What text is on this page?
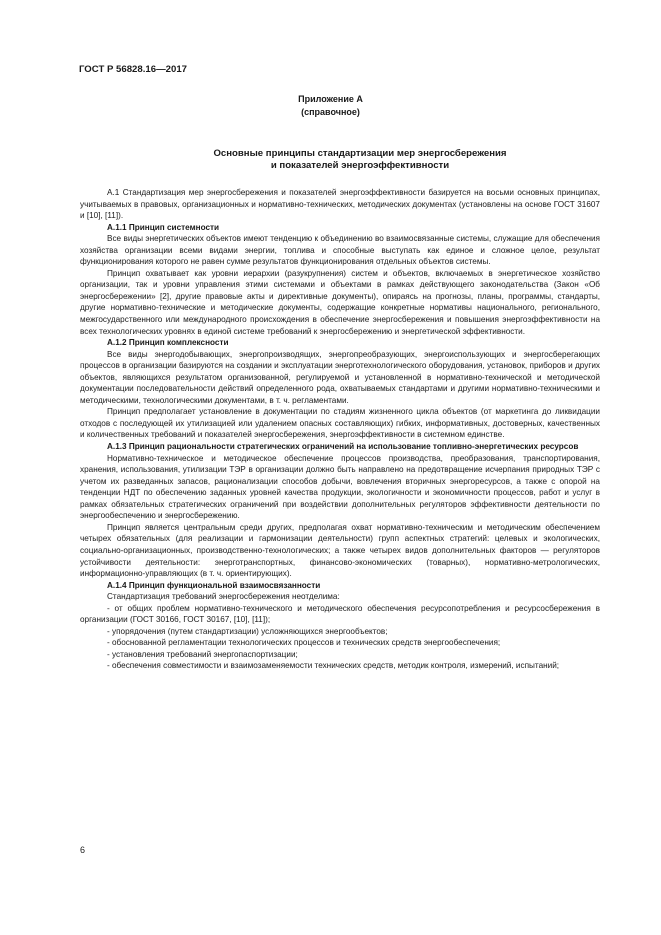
ГОСТ Р 56828.16—2017
Приложение А
(справочное)
Основные принципы стандартизации мер энергосбережения
и показателей энергоэффективности

А.1 Стандартизация мер энергосбережения и показателей энергоэффективности базируется на восьми основных принципах, учитываемых в правовых, организационных и нормативно-технических, методических документах (установлены на основе ГОСТ 31607 и [10], [11]).

А.1.1 Принцип системности

Все виды энергетических объектов имеют тенденцию к объединению во взаимосвязанные системы, служащие для обеспечения хозяйства организации всеми видами энергии, топлива и способные выступать как единое и сложное целое, результат функционирования которого не равен сумме результатов функционирования отдельных объектов системы.

Принцип охватывает как уровни иерархии (разукрупнения) систем и объектов, включаемых в энергетическое хозяйство организации, так и уровни управления этими системами и объектами в рамках действующего законодательства (Закон «Об энергосбережении» [2], другие правовые акты и директивные документы), опираясь на прогнозы, планы, программы, стандарты, другие нормативно-технические и методические документы, содержащие конкретные нормативы национального, регионального, межгосударственного или международного происхождения в обеспечение энергосбережения и повышения энергоэффективности на всех технологических уровнях в единой системе требований к энергосбережению и энергетической эффективности.

А.1.2 Принцип комплексности

Все виды энергодобывающих, энергопроизводящих, энергопреобразующих, энергоиспользующих и энергосберегающих процессов в организации базируются на создании и эксплуатации энерготехнологического оборудования, установок, приборов и других объектов, являющихся результатом организованной, регулируемой и установленной в нормативно-технической и методической документации последовательности действий определенного рода, охватываемых стандартами и другими нормативно-техническими и методическими, технологическими документами, в т. ч. регламентами.

Принцип предполагает установление в документации по стадиям жизненного цикла объектов (от маркетинга до ликвидации отходов с последующей их утилизацией или удалением опасных составляющих) гибких, информативных, достоверных, качественных и количественных требований и показателей энергосбережения, энергоэффективности в системном единстве.

А.1.3 Принцип рациональности стратегических ограничений на использование топливно-энергетических ресурсов

Нормативно-техническое и методическое обеспечение процессов производства, преобразования, транспортирования, хранения, использования, утилизации ТЭР в организации должно быть направлено на предотвращение исчерпания природных ТЭР с учетом их разведанных запасов, рационализации способов добычи, вовлечения вторичных энергоресурсов, а также с опорой на тенденции НДТ по обеспечению заданных уровней качества продукции, экологичности и экономичности процессов, работ и услуг в рамках обязательных стратегических ограничений при воздействии дополнительных регуляторов эффективности деятельности по энергообеспечению и энергосбережению.

Принцип является центральным среди других, предполагая охват нормативно-техническим и методическим обеспечением четырех обязательных (для реализации и гармонизации деятельности) групп аспектных стратегий: целевых и экологических, социально-организационных, производственно-технологических; а также четырех видов дополнительных факторов — регуляторов устойчивости деятельности: энерготранспортных, финансово-экономических (товарных), нормативно-метрологических, информационно-управляющих (в т. ч. ориентирующих).

А.1.4 Принцип функциональной взаимосвязанности

Стандартизация требований энергосбережения неотделима:

- от общих проблем нормативно-технического и методического обеспечения ресурсопотребления и ресурсосбережения в организации (ГОСТ 30166, ГОСТ 30167, [10], [11]);

- упорядочения (путем стандартизации) усложняющихся энергообъектов;

- обоснованной регламентации технологических процессов и технических средств энергообеспечения;

- установления требований энергопаспортизации;

- обеспечения совместимости и взаимозаменяемости технических средств, методик контроля, измерений, испытаний;

6
